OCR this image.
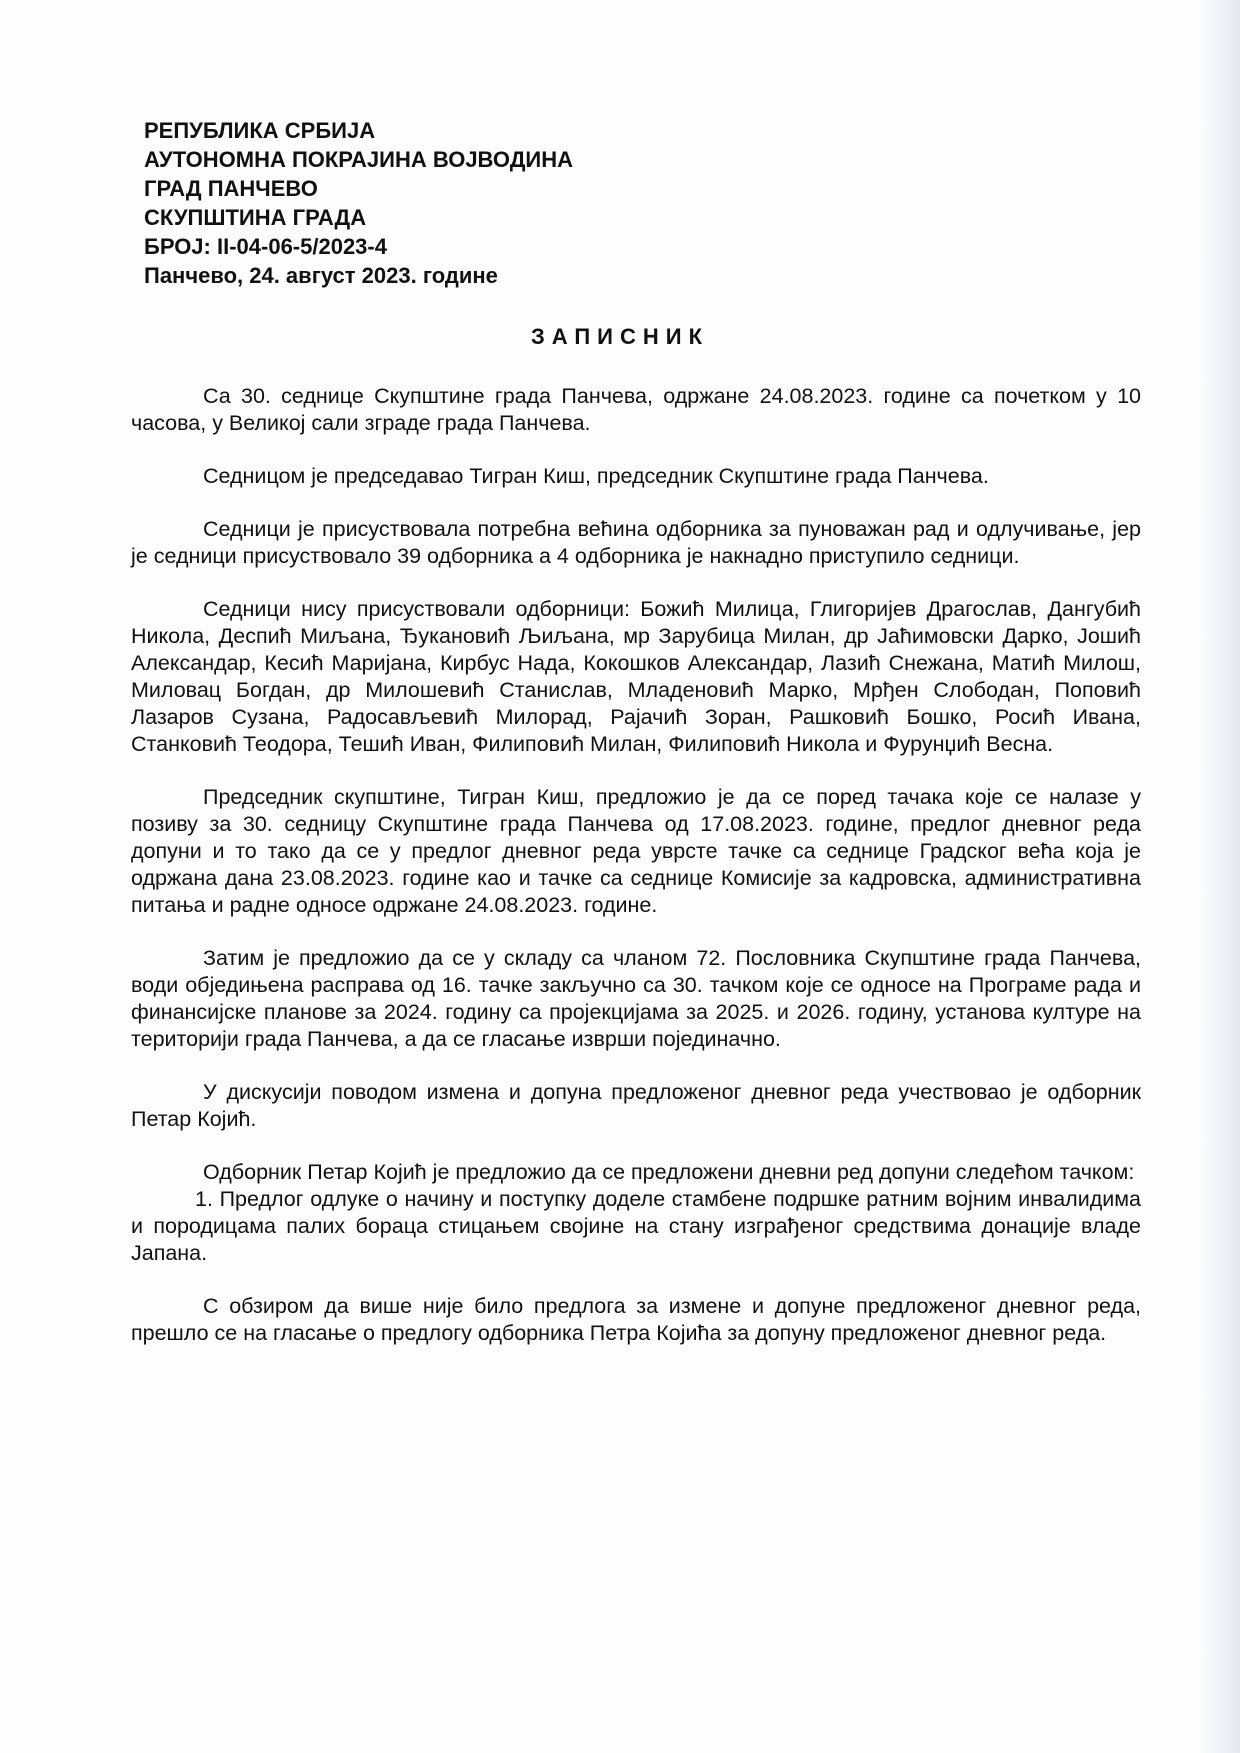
РЕПУБЛИКА СРБИЈА
АУТОНОМНА ПОКРАЈИНА ВОЈВОДИНА
ГРАД ПАНЧЕВО
СКУПШТИНА ГРАДА
БРОЈ: II-04-06-5/2023-4
Панчево, 24. август 2023. године
ЗАПИСНИК

Са 30. седнице Скупштине града Панчева, одржане 24.08.2023. године са почетком у 10 часова, у Великој сали зграде града Панчева.

Седницом је председавао Тигран Киш, председник Скупштине града Панчева.

Седници је присуствовала потребна већина одборника за пуноважан рад и одлучивање, јер је седници присуствовало 39 одборника а 4 одборника је накнадно приступило седници.

Седници нису присуствовали одборници: Божић Милица, Глигоријев Драгослав, Дангубић Никола, Деспић Миљана, Ђукановић Љиљана, мр Зарубица Милан, др Јаћимовски Дарко, Јошић Александар, Кесић Маријана, Кирбус Нада, Кокошков Александар, Лазић Снежана, Матић Милош, Миловац Богдан, др Милошевић Станислав, Младеновић Марко, Мрђен Слободан, Поповић Лазаров Сузана, Радосављевић Милорад, Рајачић Зоран, Рашковић Бошко, Росић Ивана, Станковић Теодора, Тешић Иван, Филиповић Милан, Филиповић Никола и Фурунџић Весна.

Председник скупштине, Тигран Киш, предложио је да се поред тачака које се налазе у позиву за 30. седницу Скупштине града Панчева од 17.08.2023. године, предлог дневног реда допуни и то тако да се у предлог дневног реда уврсте тачке са седнице Градског већа која је одржана дана 23.08.2023. године као и тачке са седнице Комисије за кадровска, административна питања и радне односе одржане 24.08.2023. године.

Затим је предложио да се у складу са чланом 72. Пословника Скупштине града Панчева, води обједињена расправа од 16. тачке закључно са 30. тачком које се односе на Програме рада и финансијске планове за 2024. годину са пројекцијама за 2025. и 2026. годину, установа културе на територији града Панчева, а да се гласање изврши појединачно.

У дискусији поводом измена и допуна предложеног дневног реда учествовао је одборник Петар Којић.

Одборник Петар Којић је предложио да се предложени дневни ред допуни следећом тачком:

1. Предлог одлуке о начину и поступку доделе стамбене подршке ратним војним инвалидима и породицама палих бораца стицањем својине на стану изграђеног средствима донације владе Јапана.

С обзиром да више није било предлога за измене и допуне предложеног дневног реда, прешло се на гласање о предлогу одборника Петра Којића за допуну предложеног дневног реда.
